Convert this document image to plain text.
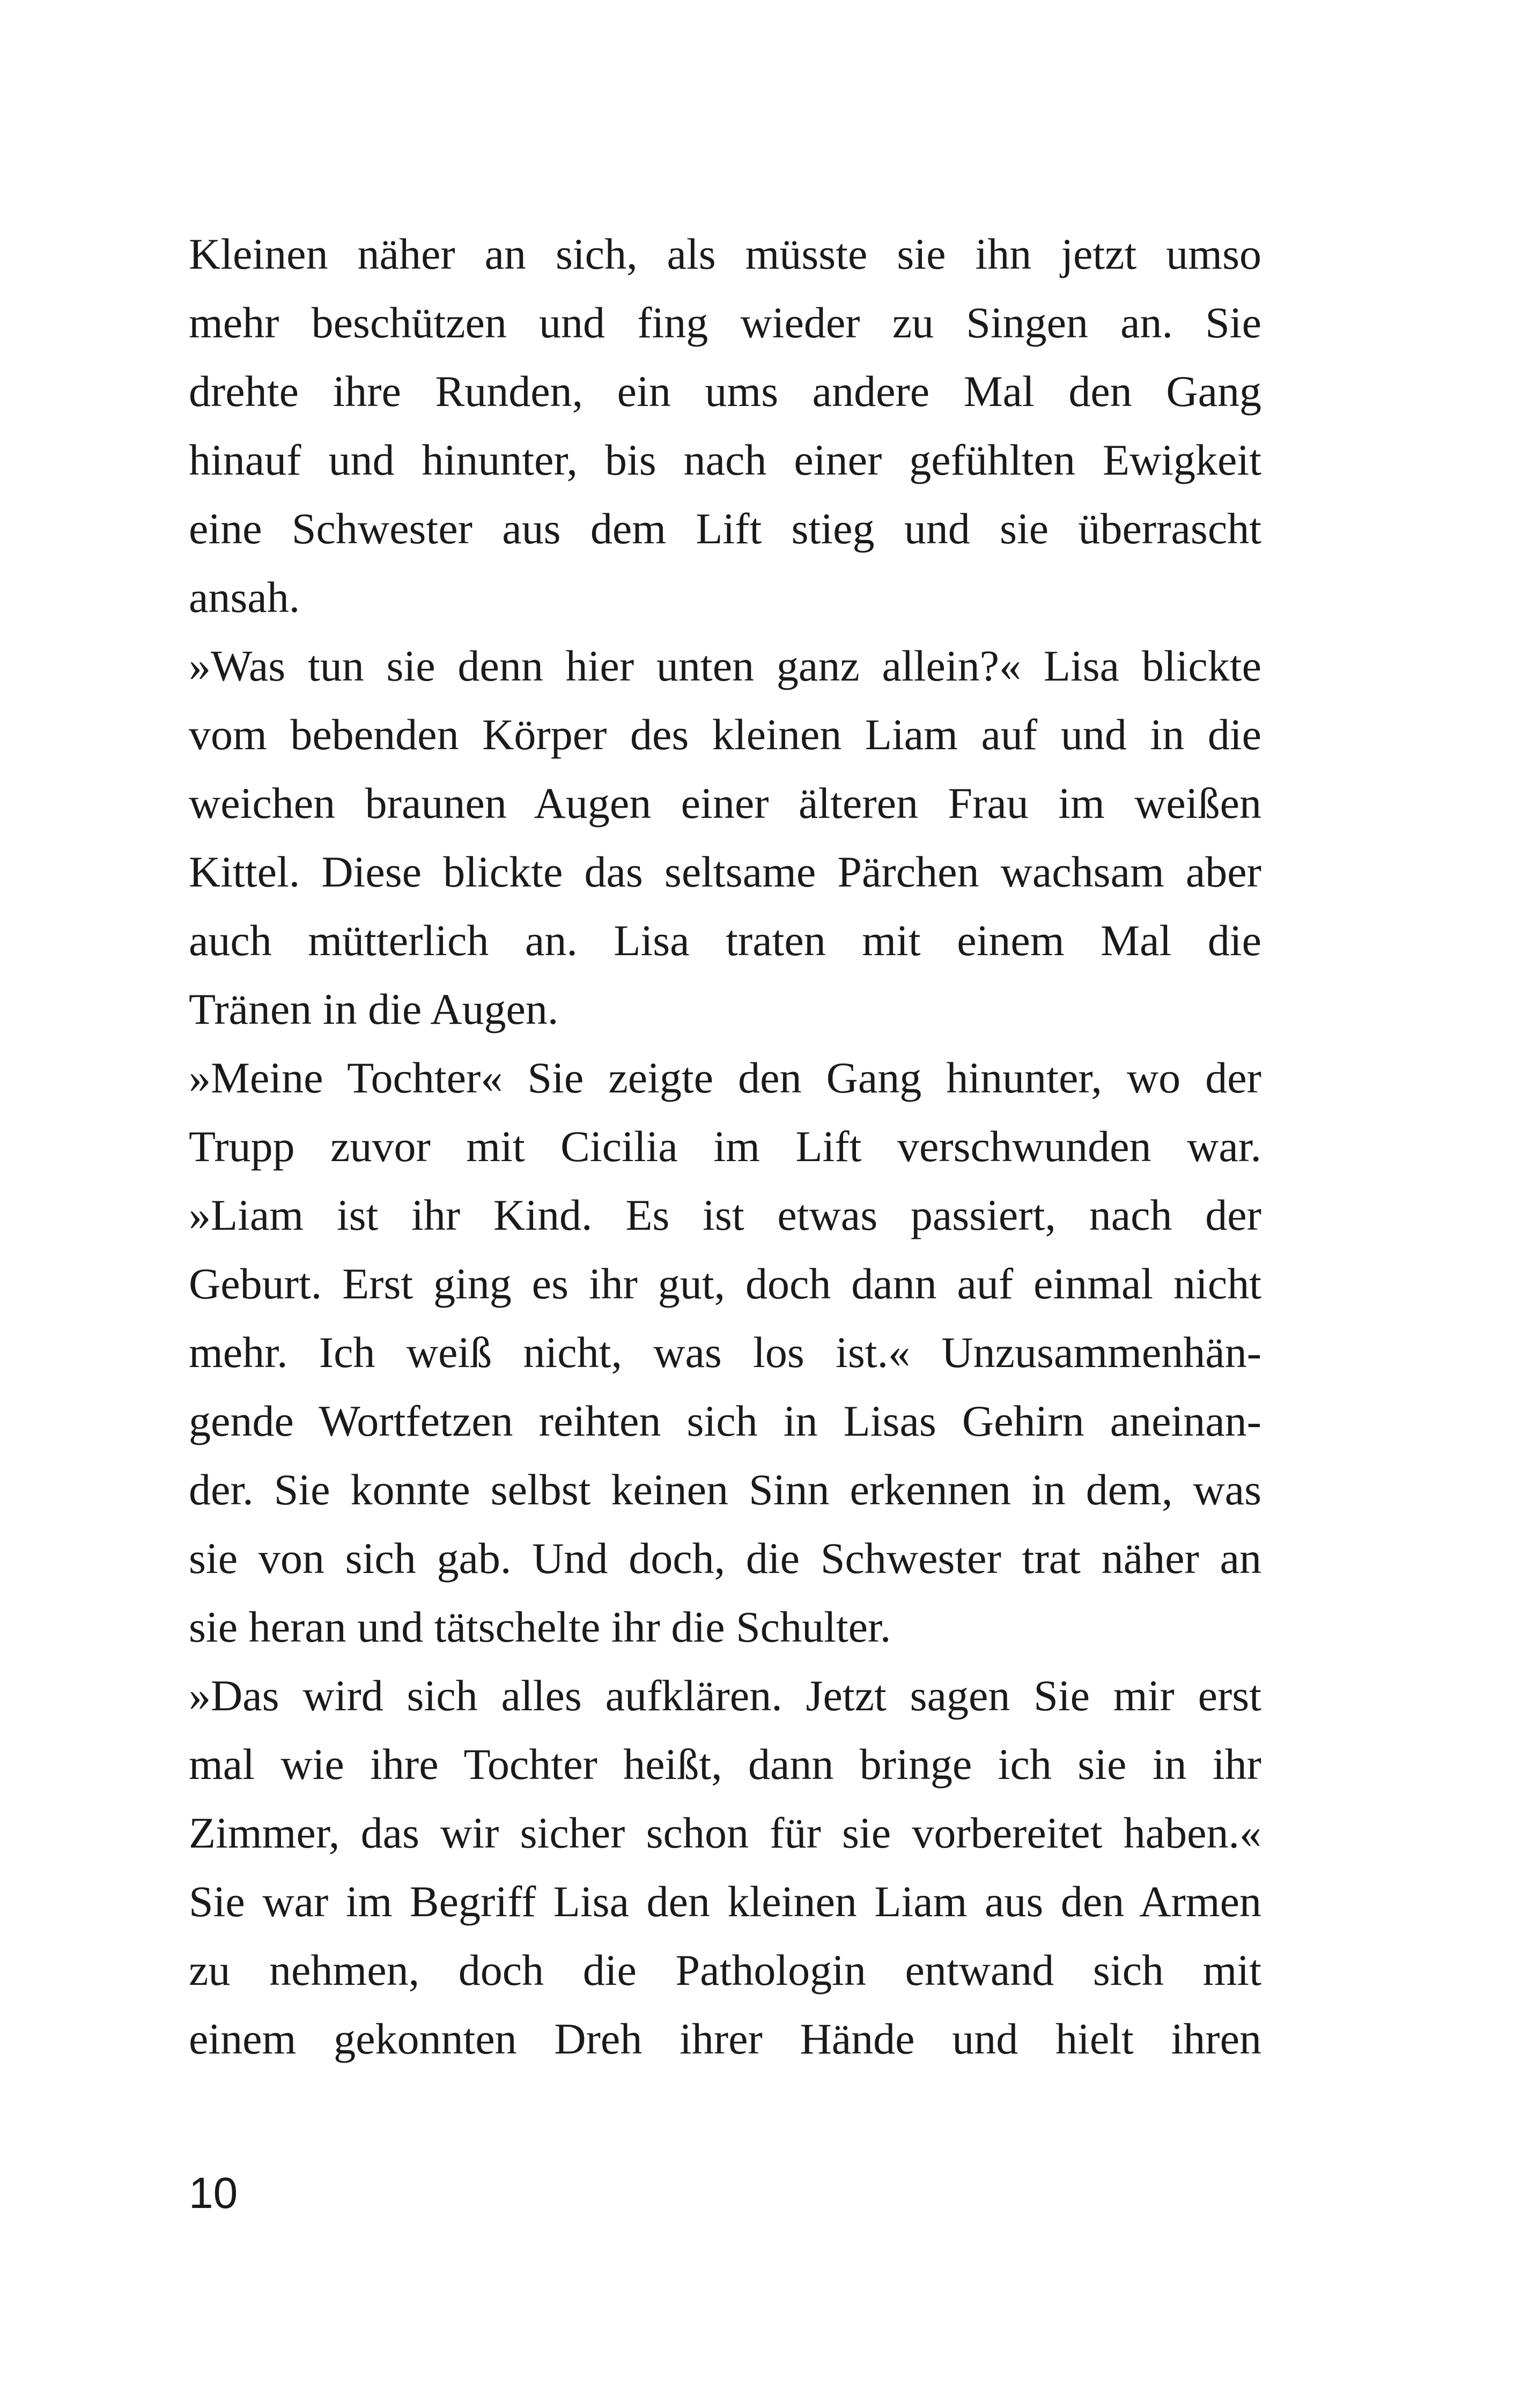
Kleinen näher an sich, als müsste sie ihn jetzt umso
mehr beschützen und fing wieder zu Singen an. Sie
drehte ihre Runden, ein ums andere Mal den Gang
hinauf und hinunter, bis nach einer gefühlten Ewigkeit
eine Schwester aus dem Lift stieg und sie überrascht
ansah.
»Was tun sie denn hier unten ganz allein?« Lisa blickte
vom bebenden Körper des kleinen Liam auf und in die
weichen braunen Augen einer älteren Frau im weißen
Kittel. Diese blickte das seltsame Pärchen wachsam aber
auch mütterlich an. Lisa traten mit einem Mal die
Tränen in die Augen.
»Meine Tochter« Sie zeigte den Gang hinunter, wo der
Trupp zuvor mit Cicilia im Lift verschwunden war.
»Liam ist ihr Kind. Es ist etwas passiert, nach der
Geburt. Erst ging es ihr gut, doch dann auf einmal nicht
mehr. Ich weiß nicht, was los ist.« Unzusammenhän-
gende Wortfetzen reihten sich in Lisas Gehirn aneinan-
der. Sie konnte selbst keinen Sinn erkennen in dem, was
sie von sich gab. Und doch, die Schwester trat näher an
sie heran und tätschelte ihr die Schulter.
»Das wird sich alles aufklären. Jetzt sagen Sie mir erst
mal wie ihre Tochter heißt, dann bringe ich sie in ihr
Zimmer, das wir sicher schon für sie vorbereitet haben.«
Sie war im Begriff Lisa den kleinen Liam aus den Armen
zu nehmen, doch die Pathologin entwand sich mit
einem gekonnten Dreh ihrer Hände und hielt ihren
10
